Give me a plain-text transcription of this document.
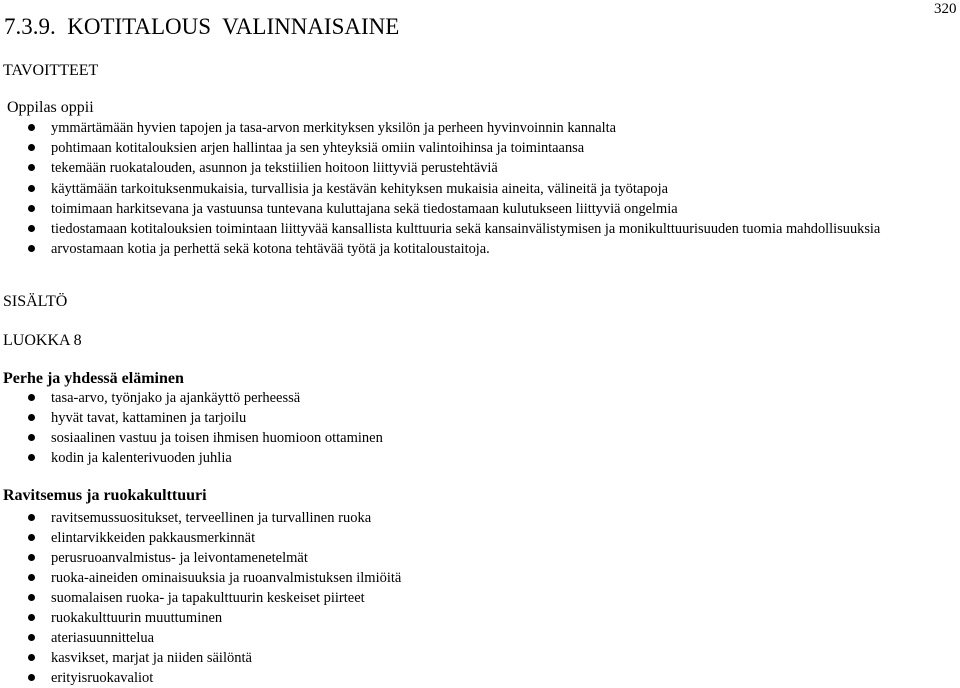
320
7.3.9.  KOTITALOUS  VALINNAISAINE
TAVOITTEET
Oppilas oppii
ymmärtämään hyvien tapojen ja tasa-arvon merkityksen yksilön ja perheen hyvinvoinnin kannalta
pohtimaan kotitalouksien arjen hallintaa ja sen yhteyksiä omiin valintoihinsa ja toimintaansa
tekemään ruokatalouden, asunnon ja tekstiilien hoitoon liittyviä perustehtäviä
käyttämään tarkoituksenmukaisia, turvallisia ja kestävän kehityksen mukaisia aineita, välineitä ja työtapoja
toimimaan harkitsevana ja vastuunsa tuntevana kuluttajana sekä tiedostamaan kulutukseen liittyviä ongelmia
tiedostamaan kotitalouksien toimintaan liittyvää kansallista kulttuuria sekä kansainvälistymisen ja monikulttuurisuuden tuomia mahdollisuuksia
arvostamaan kotia ja perhettä sekä kotona tehtävää työtä ja kotitaloustaitoja.
SISÄLTÖ
LUOKKA 8
Perhe ja yhdessä eläminen
tasa-arvo, työnjako ja ajankäyttö perheessä
hyvät tavat, kattaminen ja tarjoilu
sosiaalinen vastuu ja toisen ihmisen huomioon ottaminen
kodin ja kalenterivuoden juhlia
Ravitsemus ja ruokakulttuuri
ravitsemussuositukset, terveellinen ja turvallinen ruoka
elintarvikkeiden pakkausmerkinnät
perusruoanvalmistus- ja leivontamenetelmät
ruoka-aineiden ominaisuuksia ja ruoanvalmistuksen ilmiöitä
suomalaisen ruoka- ja tapakulttuurin keskeiset piirteet
ruokakulttuurin muuttuminen
ateriasuunnittelua
kasvikset, marjat ja niiden säilöntä
erityisruokavaliot
